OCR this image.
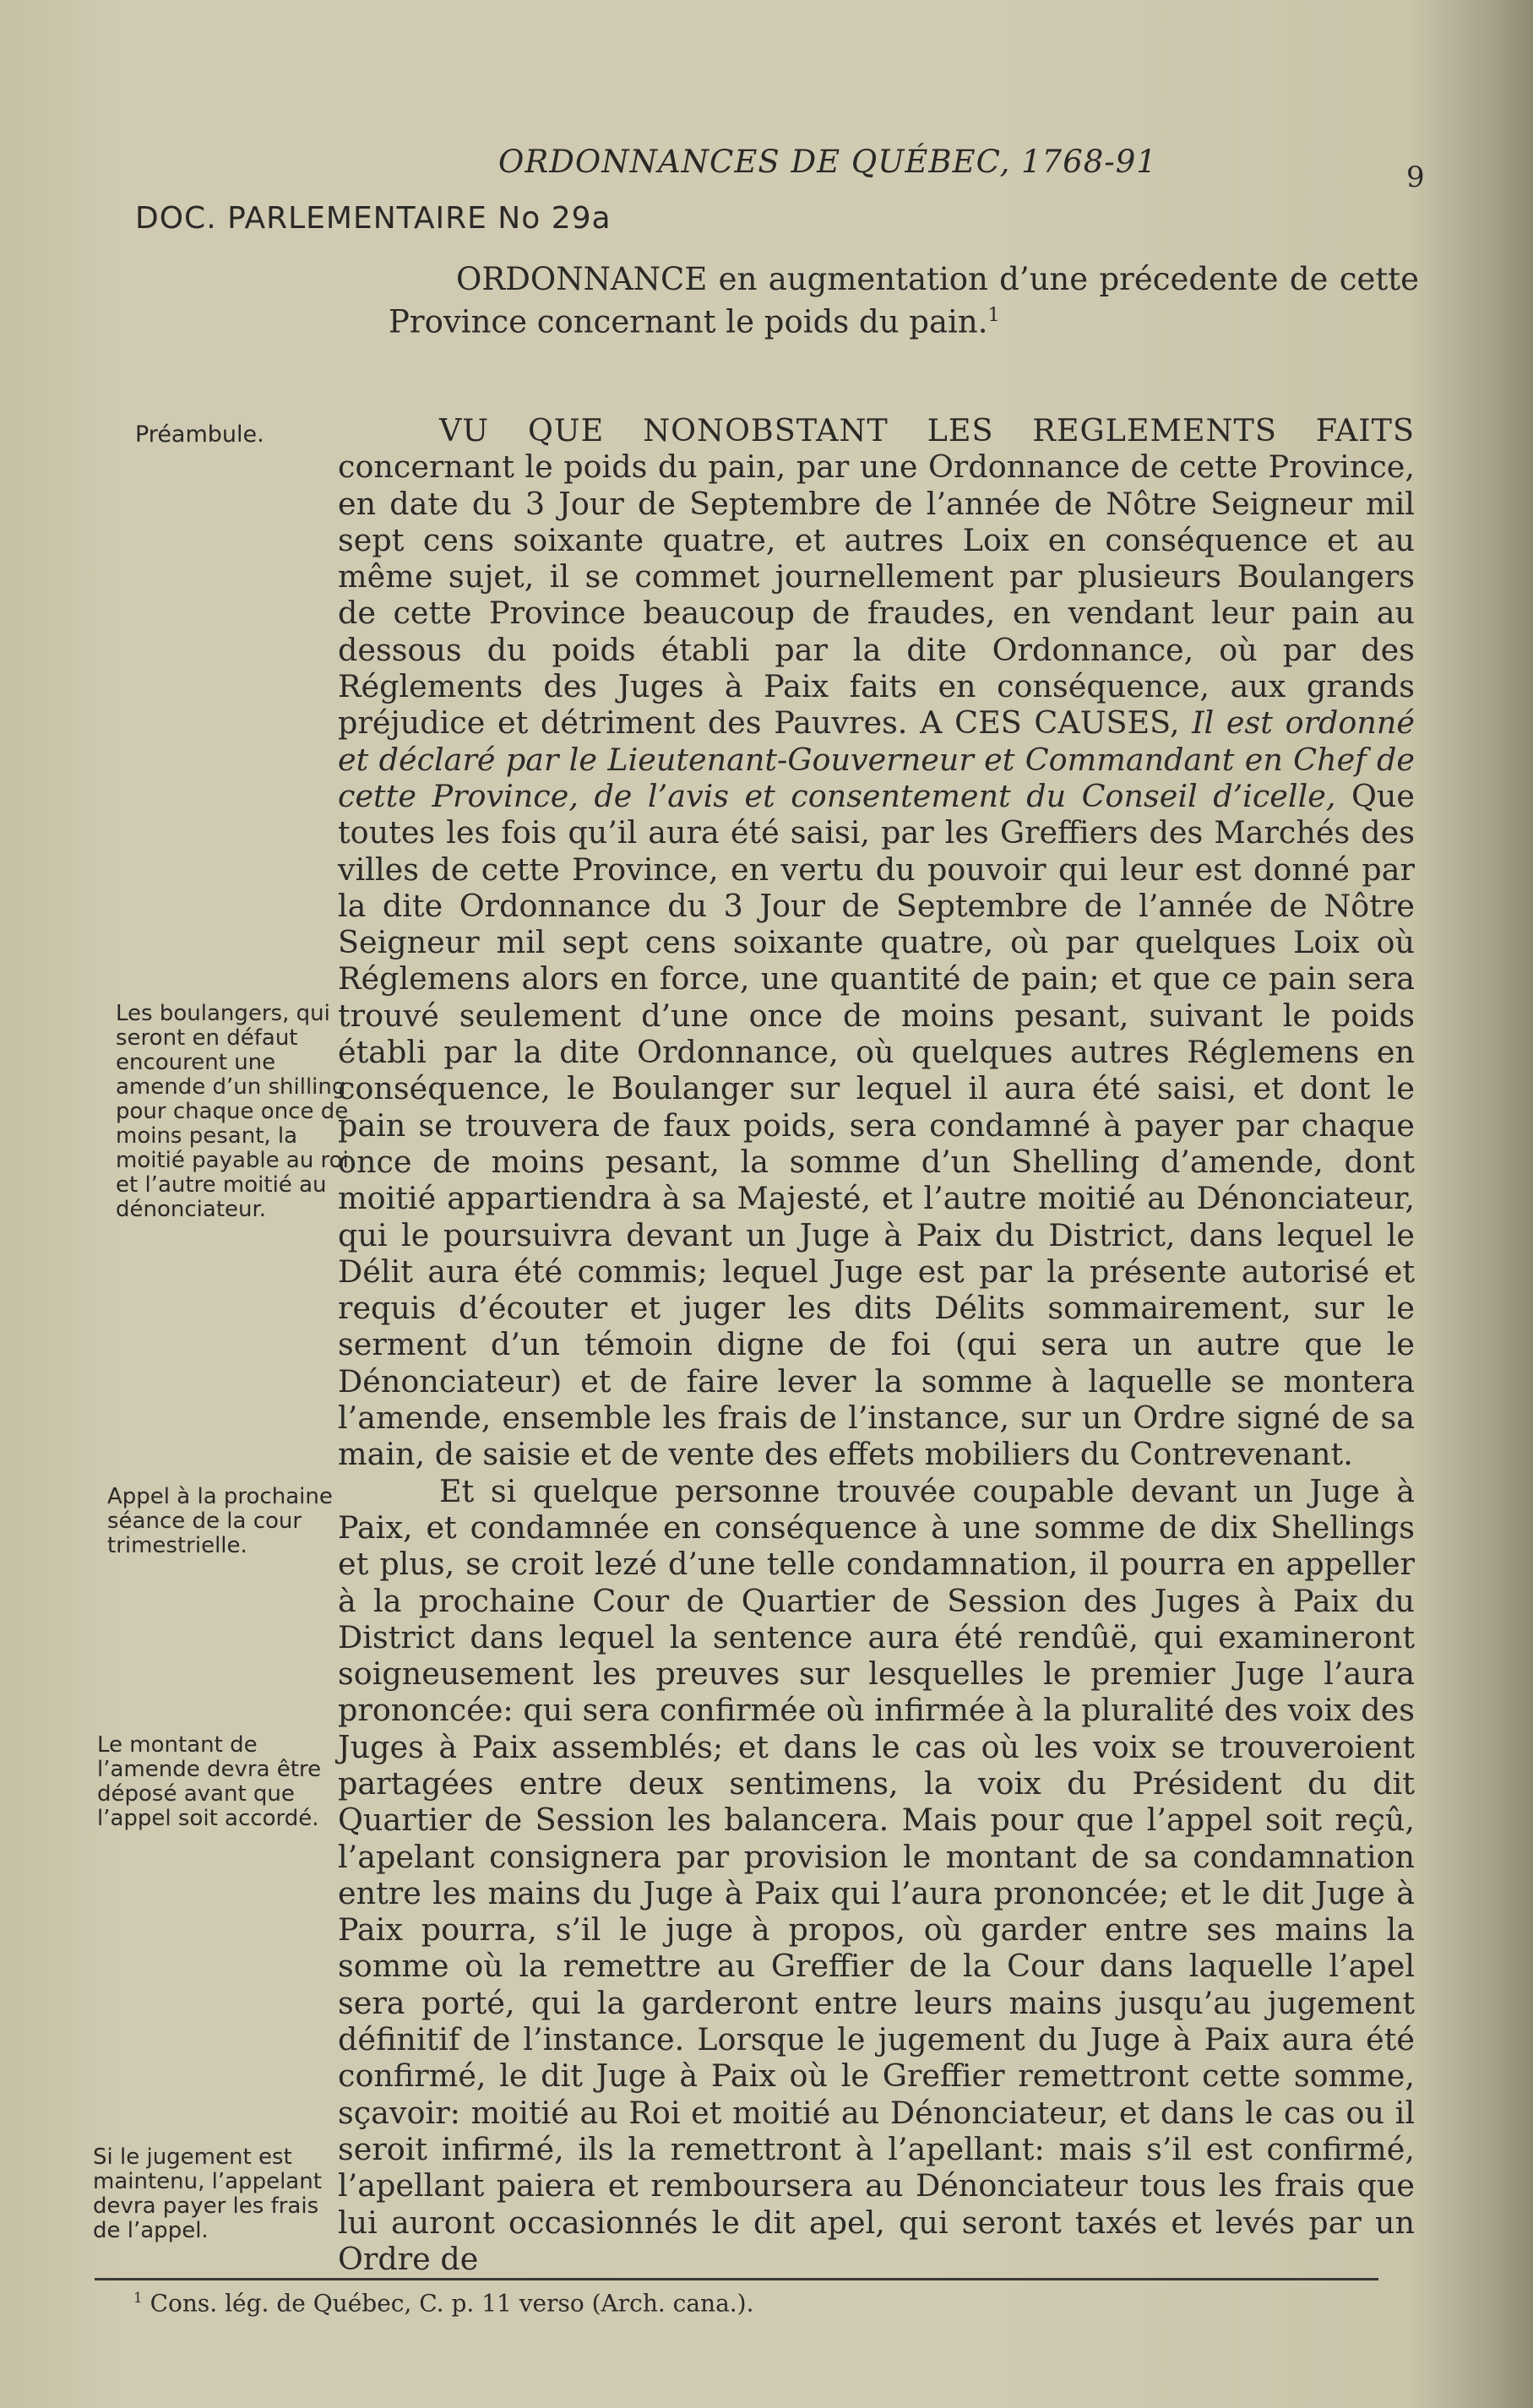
ORDONNANCES DE QUÉBEC, 1768-91	9
DOC. PARLEMENTAIRE No 29a
ORDONNANCE en augmentation d’une précedente de cette Province concernant le poids du pain.$^1$
Préambule.
Les boulangers, qui seront en défaut encourent une amende d’un shilling pour chaque once de moins pesant, la moitié payable au roi et l’autre moitié au dénonciateur.
Appel à la prochaine séance de la cour trimestrielle.
Le montant de l’amende devra être déposé avant que l’appel soit accordé.
Si le jugement est maintenu, l’appelant devra payer les frais de l’appel.

VU QUE NONOBSTANT LES REGLEMENTS FAITS concernant le poids du pain, par une Ordonnance de cette Province, en date du 3 Jour de Septembre de l’année de Nôtre Seigneur mil sept cens soixante quatre, et autres Loix en conséquence et au même sujet, il se commet journellement par plusieurs Boulangers de cette Province beaucoup de fraudes, en vendant leur pain au dessous du poids établi par la dite Ordonnance, où par des Réglements des Juges à Paix faits en conséquence, aux grands préjudice et détriment des Pauvres. A CES CAUSES, Il est ordonné et déclaré par le Lieutenant-Gouverneur et Commandant en Chef de cette Province, de l’avis et consentement du Conseil d’icelle, Que toutes les fois qu’il aura été saisi, par les Greffiers des Marchés des villes de cette Province, en vertu du pouvoir qui leur est donné par la dite Ordonnance du 3 Jour de Septembre de l’année de Nôtre Seigneur mil sept cens soixante quatre, où par quelques Loix où Réglemens alors en force, une quantité de pain; et que ce pain sera trouvé seulement d’une once de moins pesant, suivant le poids établi par la dite Ordonnance, où quelques autres Réglemens en conséquence, le Boulanger sur lequel il aura été saisi, et dont le pain se trouvera de faux poids, sera condamné à payer par chaque once de moins pesant, la somme d’un Shelling d’amende, dont moitié appartiendra à sa Majesté, et l’autre moitié au Dénonciateur, qui le poursuivra devant un Juge à Paix du District, dans lequel le Délit aura été commis; lequel Juge est par la présente autorisé et requis d’écouter et juger les dits Délits sommairement, sur le serment d’un témoin digne de foi (qui sera un autre que le Dénonciateur) et de faire lever la somme à laquelle se montera l’amende, ensemble les frais de l’instance, sur un Ordre signé de sa main, de saisie et de vente des effets mobiliers du Contrevenant.

Et si quelque personne trouvée coupable devant un Juge à Paix, et condamnée en conséquence à une somme de dix Shellings et plus, se croit lezé d’une telle condamnation, il pourra en appeller à la prochaine Cour de Quartier de Session des Juges à Paix du District dans lequel la sentence aura été rendûë, qui examineront soigneusement les preuves sur lesquelles le premier Juge l’aura prononcée: qui sera confirmée où infirmée à la pluralité des voix des Juges à Paix assemblés; et dans le cas où les voix se trouveroient partagées entre deux sentimens, la voix du Président du dit Quartier de Session les balancera. Mais pour que l’appel soit reçû, l’apelant consignera par provision le montant de sa condamnation entre les mains du Juge à Paix qui l’aura prononcée; et le dit Juge à Paix pourra, s’il le juge à propos, où garder entre ses mains la somme où la remettre au Greffier de la Cour dans laquelle l’apel sera porté, qui la garderont entre leurs mains jusqu’au jugement définitif de l’instance. Lorsque le jugement du Juge à Paix aura été confirmé, le dit Juge à Paix où le Greffier remettront cette somme, sçavoir: moitié au Roi et moitié au Dénonciateur, et dans le cas ou il seroit infirmé, ils la remettront à l’apellant: mais s’il est confirmé, l’apellant paiera et remboursera au Dénonciateur tous les frais que lui auront occasionnés le dit apel, qui seront taxés et levés par un Ordre de

$^1$ Cons. lég. de Québec, C. p. 11 verso (Arch. cana.).
